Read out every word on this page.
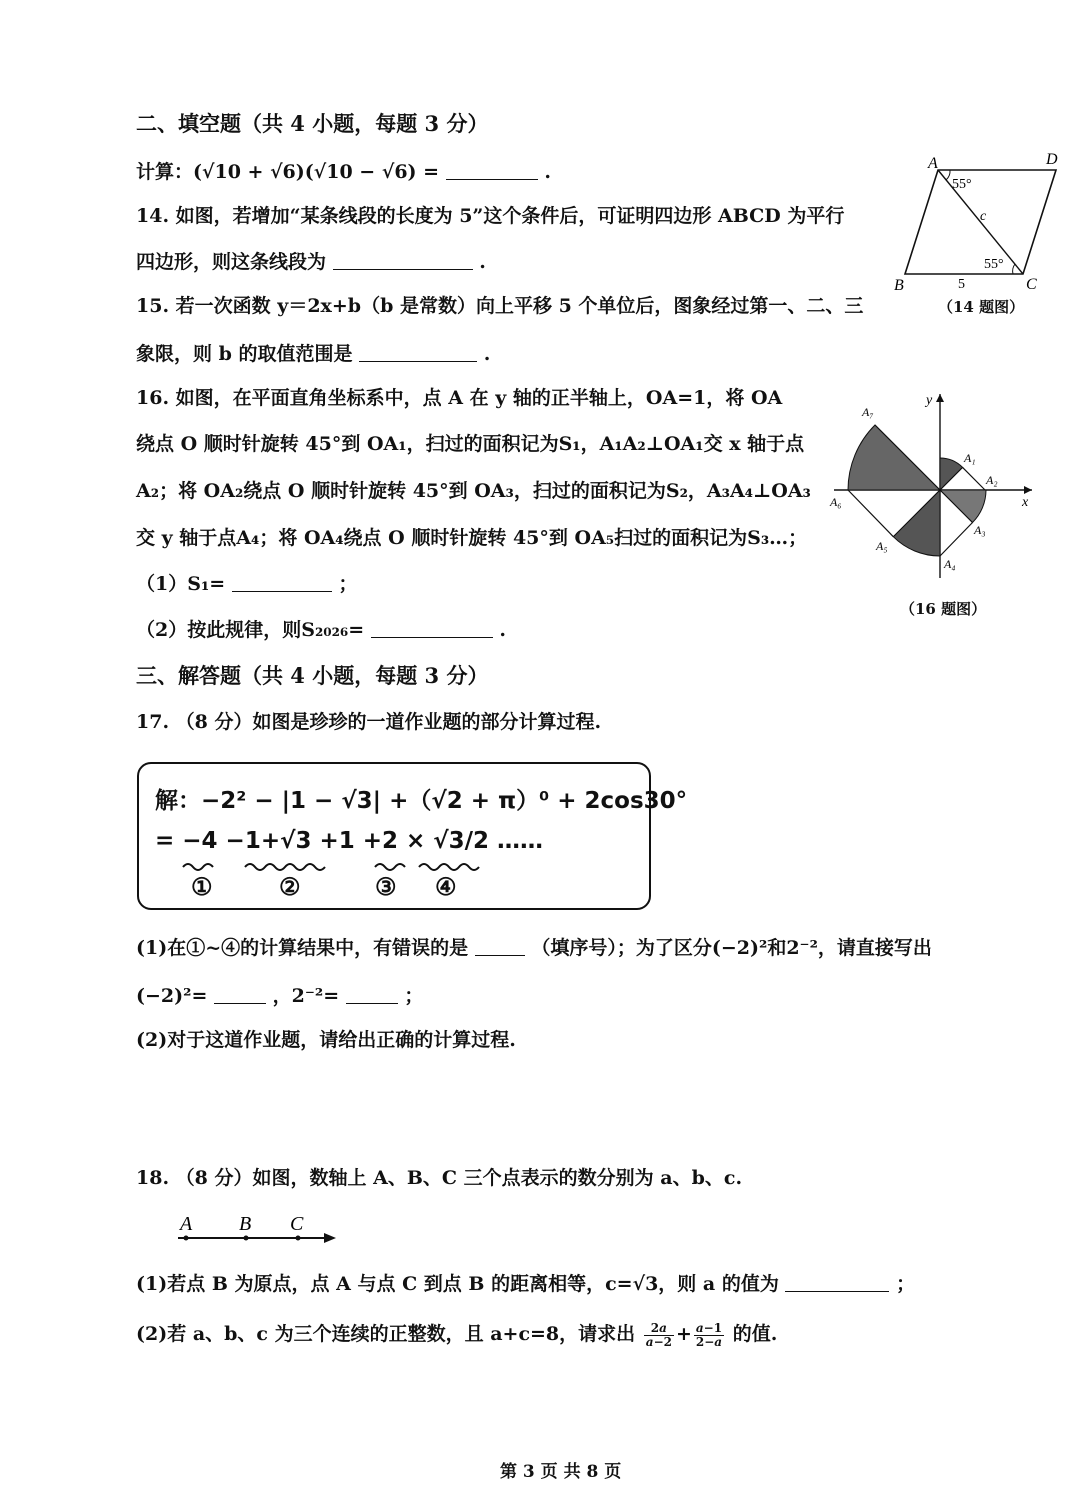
二、填空题（共 4 小题，每题 3 分）
计算：(√10 + √6)(√10 − √6) =	.
14. 如图，若增加“某条线段的长度为 5”这个条件后，可证明四边形 ABCD 为平行
四边形，则这条线段为	.
A	D
B	C
55°
55°
c
5
（14 题图）
15. 若一次函数 y＝2x+b（b 是常数）向上平移 5 个单位后，图象经过第一、二、三
象限，则 b 的取值范围是	.
16. 如图，在平面直角坐标系中，点 A 在 y 轴的正半轴上，OA=1，将 OA
绕点 O 顺时针旋转 45°到 OA₁，扫过的面积记为S₁，A₁A₂⊥OA₁交 x 轴于点
A₂；将 OA₂绕点 O 顺时针旋转 45°到 OA₃，扫过的面积记为S₂，A₃A₄⊥OA₃
交 y 轴于点A₄；将 OA₄绕点 O 顺时针旋转 45°到 OA₅扫过的面积记为S₃…；
（1）S₁=	；
（2）按此规律，则S₂₀₂₆=	.
y
x
A₁
A₂
A₃
A₄
A₅
A₆
A₇
（16 题图）
三、解答题（共 4 小题，每题 3 分）
17. （8 分）如图是珍珍的一道作业题的部分计算过程.
解：−2² − |1 − √3| +（√2 + π）⁰ + 2cos30°
= −4 −1+√3 +1 +2 × √3/2 ……
①	②	③ ④
(1)在①~④的计算结果中，有错误的是	（填序号）；为了区分(−2)²和2⁻²，请直接写出
(−2)²=	，2⁻²=	；
(2)对于这道作业题，请给出正确的计算过程.
18. （8 分）如图，数轴上 A、B、C 三个点表示的数分别为 a、b、c.
A B C
(1)若点 B 为原点，点 A 与点 C 到点 B 的距离相等，c=√3，则 a 的值为	；
(2)若 a、b、c 为三个连续的正整数，且 a+c=8，请求出 $\frac{2a}{a-2} + \frac{a-1}{2-a}$ 的值.
第 3 页 共 8 页
